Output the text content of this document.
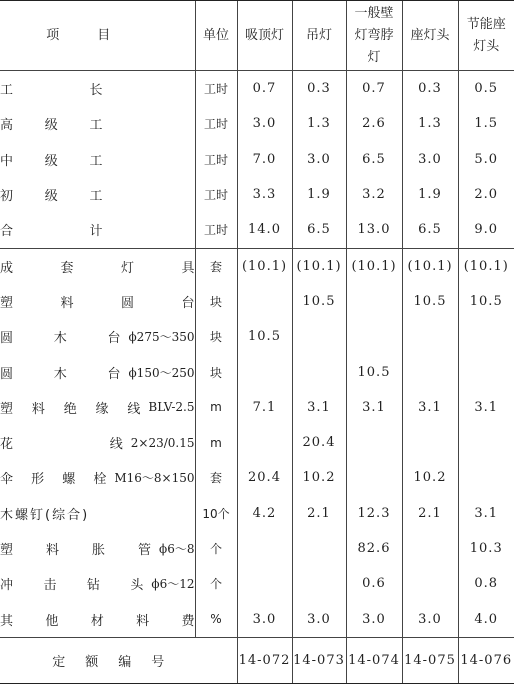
项目	单位	吸顶灯	吊灯	一般壁灯弯脖灯	座灯头	节能座灯头

工长	工时	0.7	0.3	0.7	0.3	0.5
高级工	工时	3.0	1.3	2.6	1.3	1.5
中级工	工时	7.0	3.0	6.5	3.0	5.0
初级工	工时	3.3	1.9	3.2	1.9	2.0
合计	工时	14.0	6.5	13.0	6.5	9.0

成套灯具	套	(10.1)	(10.1)	(10.1)	(10.1)	(10.1)

塑料圆台	块		10.5		10.5	10.5

圆木台 ϕ275～350	块	10.5				

圆木台 ϕ150～250	块			10.5		

塑料绝缘线 BLV-2.5	m	7.1	3.1	3.1	3.1	3.1

花线 2×23/0.15	m		20.4			

伞形螺栓 M16～8×150	套	20.4	10.2		10.2	

木螺钉(综合)	10个	4.2	2.1	12.3	2.1	3.1

塑料胀管 ϕ6～8	个			82.6		10.3

冲击钻头 ϕ6～12	个			0.6		0.8

其他材料费	%	3.0	3.0	3.0	3.0	4.0
定额编号		14-072	14-073	14-074	14-075	14-076
